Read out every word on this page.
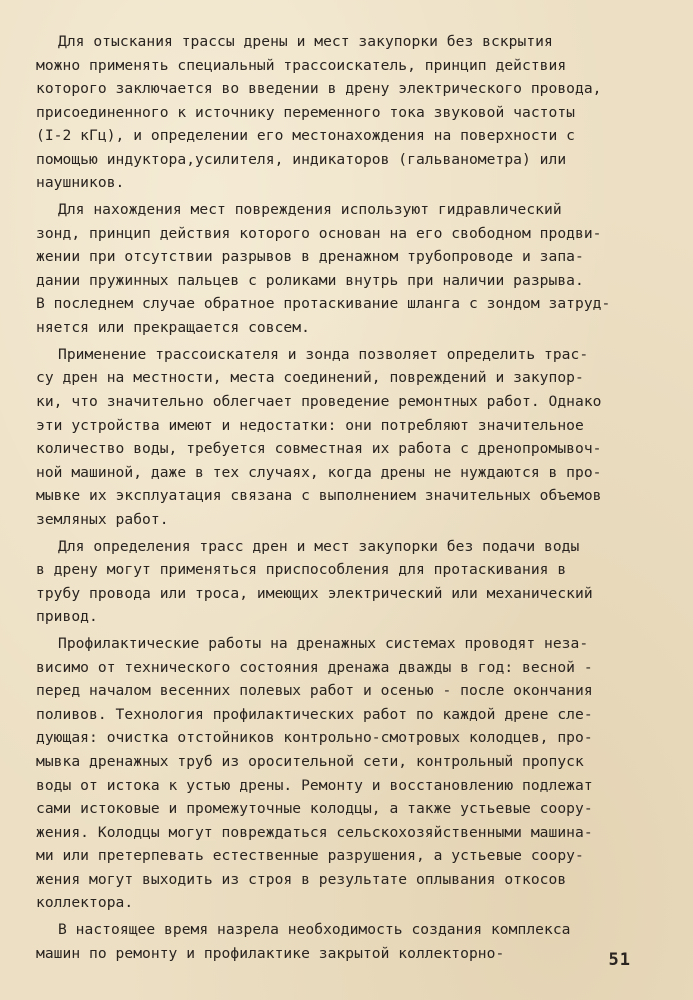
Для отыскания трассы дрены и мест закупорки без вскрытия
можно применять специальный трассоискатель, принцип действия
которого заключается во введении в дрену электрического провода,
присоединенного к источнику переменного тока звуковой частоты
(I-2 кГц), и определении его местонахождения на поверхности с
помощью индуктора,усилителя, индикаторов (гальванометра) или
наушников.
Для нахождения мест повреждения используют гидравлический
зонд, принцип действия которого основан на его свободном продви-
жении при отсутствии разрывов в дренажном трубопроводе и запа-
дании пружинных пальцев с роликами внутрь при наличии разрыва.
В последнем случае обратное протаскивание шланга с зондом затруд-
няется или прекращается совсем.
Применение трассоискателя и зонда позволяет определить трас-
су дрен на местности, места соединений, повреждений и закупор-
ки, что значительно облегчает проведение ремонтных работ. Однако
эти устройства имеют и недостатки: они потребляют значительное
количество воды, требуется совместная их работа с дренопромывоч-
ной машиной, даже в тех случаях, когда дрены не нуждаются в про-
мывке их эксплуатация связана с выполнением значительных объемов
земляных работ.
Для определения трасс дрен и мест закупорки без подачи воды
в дрену могут применяться приспособления для протаскивания в
трубу провода или троса, имеющих электрический или механический
привод.
Профилактические работы на дренажных системах проводят неза-
висимо от технического состояния дренажа дважды в год: весной -
перед началом весенних полевых работ и осенью - после окончания
поливов. Технология профилактических работ по каждой дрене сле-
дующая: очистка отстойников контрольно-смотровых колодцев, про-
мывка дренажных труб из оросительной сети, контрольный пропуск
воды от истока к устью дрены. Ремонту и восстановлению подлежат
сами истоковые и промежуточные колодцы, а также устьевые соору-
жения. Колодцы могут повреждаться сельскохозяйственными машина-
ми или претерпевать естественные разрушения, а устьевые соору-
жения могут выходить из строя в результате оплывания откосов
коллектора.
В настоящее время назрела необходимость создания комплекса
машин по ремонту и профилактике закрытой коллекторно-	51
